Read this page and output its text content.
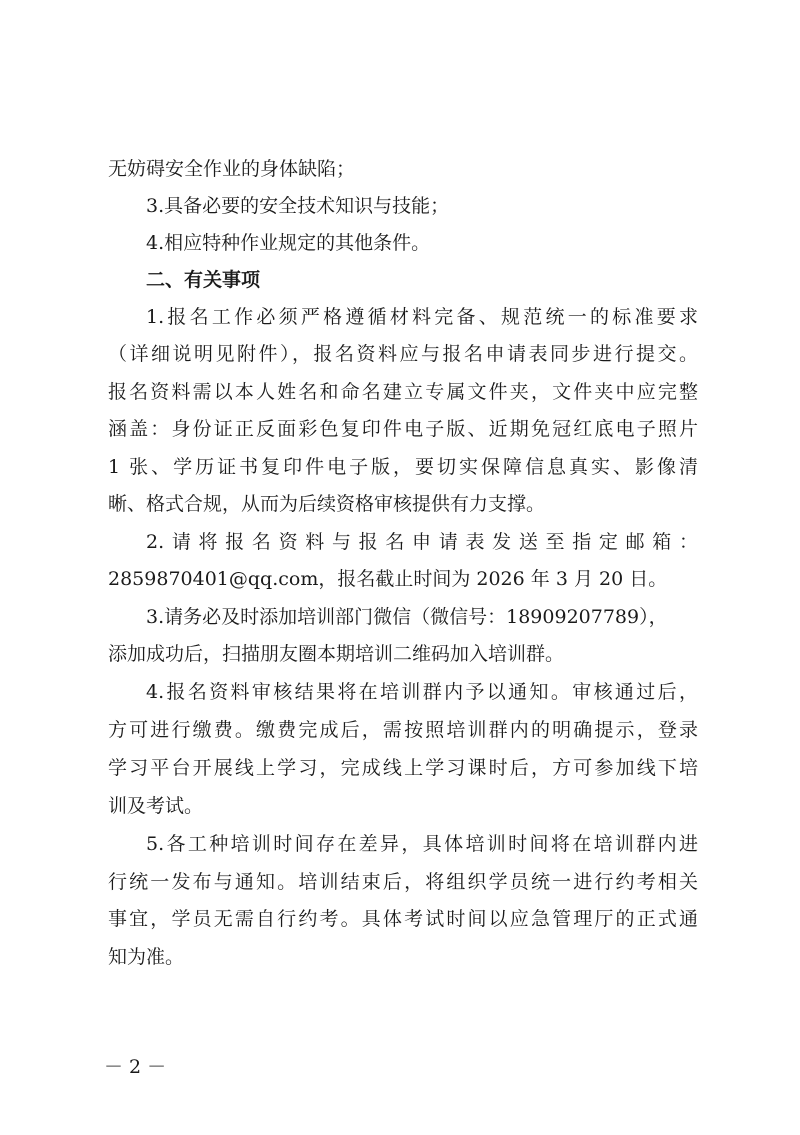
无妨碍安全作业的身体缺陷；
3.具备必要的安全技术知识与技能；
4.相应特种作业规定的其他条件。
二、有关事项
1.报名工作必须严格遵循材料完备、规范统一的标准要求
（详细说明见附件），报名资料应与报名申请表同步进行提交。
报名资料需以本人姓名和命名建立专属文件夹，文件夹中应完整
涵盖：身份证正反面彩色复印件电子版、近期免冠红底电子照片
1 张、学历证书复印件电子版，要切实保障信息真实、影像清
晰、格式合规，从而为后续资格审核提供有力支撑。
2.请将报名资料与报名申请表发送至指定邮箱：
2859870401@qq.com，报名截止时间为 2026 年 3 月 20 日。
3.请务必及时添加培训部门微信（微信号：18909207789），
添加成功后，扫描朋友圈本期培训二维码加入培训群。
4.报名资料审核结果将在培训群内予以通知。审核通过后，
方可进行缴费。缴费完成后，需按照培训群内的明确提示，登录
学习平台开展线上学习，完成线上学习课时后，方可参加线下培
训及考试。
5.各工种培训时间存在差异，具体培训时间将在培训群内进
行统一发布与通知。培训结束后，将组织学员统一进行约考相关
事宜，学员无需自行约考。具体考试时间以应急管理厅的正式通
知为准。
－ 2 －
